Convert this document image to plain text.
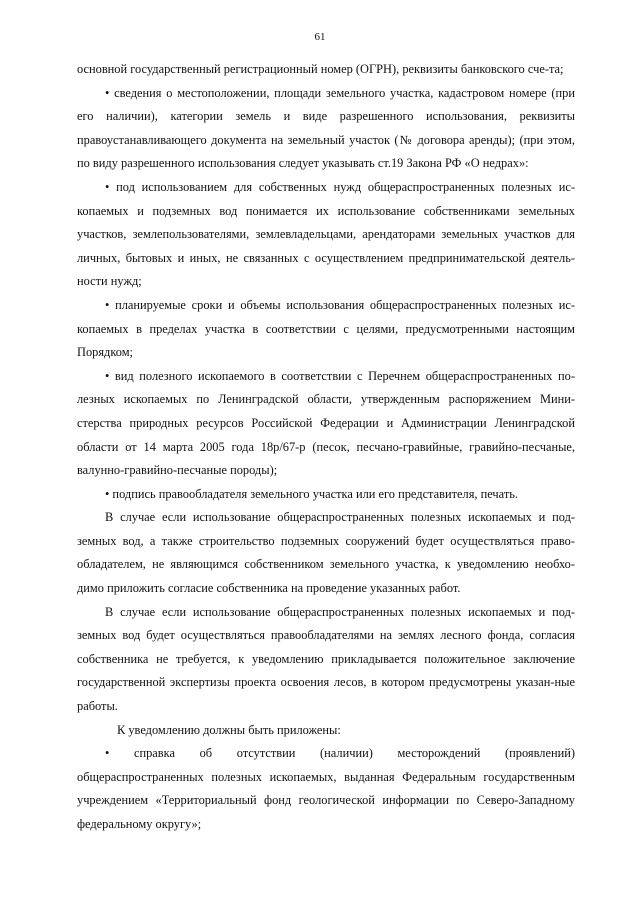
61

основной государственный регистрационный номер (ОГРН), реквизиты банковского сче-та;

• сведения о местоположении, площади земельного участка, кадастровом номере (при его наличии), категории земель и виде разрешенного использования, реквизиты правоустанавливающего документа на земельный участок (№ договора аренды); (при этом, по виду разрешенного использования следует указывать ст.19 Закона РФ «О недрах»:

• под использованием для собственных нужд общераспространенных полезных ис-копаемых и подземных вод понимается их использование собственниками земельных участков, землепользователями, землевладельцами, арендаторами земельных участков для личных, бытовых и иных, не связанных с осуществлением предпринимательской деятель-ности нужд;

• планируемые сроки и объемы использования общераспространенных полезных ис-копаемых в пределах участка в соответствии с целями, предусмотренными настоящим Порядком;

• вид полезного ископаемого в соответствии с Перечнем общераспространенных по-лезных ископаемых по Ленинградской области, утвержденным распоряжением Мини-стерства природных ресурсов Российской Федерации и Администрации Ленинградской области от 14 марта 2005 года 18р/67-р (песок, песчано-гравийные, гравийно-песчаные, валунно-гравийно-песчаные породы);

• подпись правообладателя земельного участка или его представителя, печать.

В случае если использование общераспространенных полезных ископаемых и под-земных вод, а также строительство подземных сооружений будет осуществляться право-обладателем, не являющимся собственником земельного участка, к уведомлению необхо-димо приложить согласие собственника на проведение указанных работ.

В случае если использование общераспространенных полезных ископаемых и под-земных вод будет осуществляться правообладателями на землях лесного фонда, согласия собственника не требуется, к уведомлению прикладывается положительное заключение государственной экспертизы проекта освоения лесов, в котором предусмотрены указан-ные работы.

К уведомлению должны быть приложены:

• справка об отсутствии (наличии) месторождений (проявлений) общераспространенных полезных ископаемых, выданная Федеральным государственным учреждением «Территориальный фонд геологической информации по Северо-Западному федеральному округу»;
